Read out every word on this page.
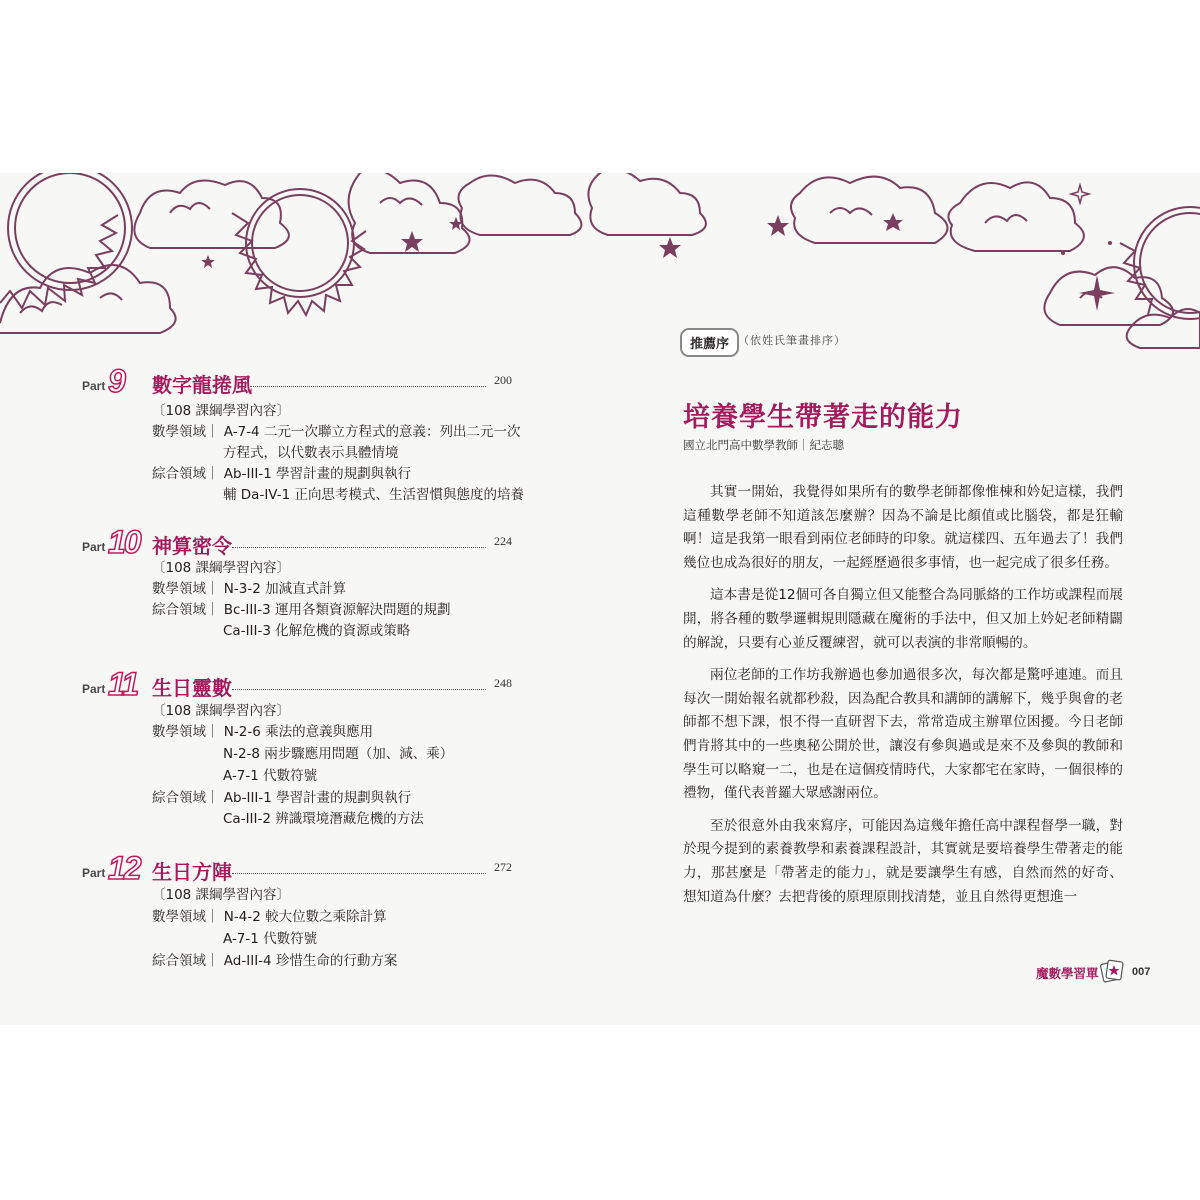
Part 9 數字龍捲風	200
〔108 課綱學習內容〕
數學領域｜ A-7-4 二元一次聯立方程式的意義：列出二元一次
方程式，以代數表示具體情境
綜合領域｜ Ab-III-1 學習計畫的規劃與執行
輔 Da-IV-1 正向思考模式、生活習慣與態度的培養
Part 10 神算密令	224
〔108 課綱學習內容〕
數學領域｜ N-3-2 加減直式計算
綜合領域｜ Bc-III-3 運用各類資源解決問題的規劃
Ca-III-3 化解危機的資源或策略
Part 11 生日靈數	248
〔108 課綱學習內容〕
數學領域｜ N-2-6 乘法的意義與應用
N-2-8 兩步驟應用問題（加、減、乘）
A-7-1 代數符號
綜合領域｜ Ab-III-1 學習計畫的規劃與執行
Ca-III-2 辨識環境潛藏危機的方法
Part 12 生日方陣	272
〔108 課綱學習內容〕
數學領域｜ N-4-2 較大位數之乘除計算
A-7-1 代數符號
綜合領域｜ Ad-III-4 珍惜生命的行動方案
推薦序 （依姓氏筆畫排序）
培養學生帶著走的能力
國立北門高中數學教師｜紀志聰

其實一開始，我覺得如果所有的數學老師都像惟棟和妗妃這樣，我們這種數學老師不知道該怎麼辦？因為不論是比顏值或比腦袋，都是狂輸啊！這是我第一眼看到兩位老師時的印象。就這樣四、五年過去了！我們幾位也成為很好的朋友，一起經歷過很多事情，也一起完成了很多任務。

這本書是從12個可各自獨立但又能整合為同脈絡的工作坊或課程而展開，將各種的數學邏輯規則隱藏在魔術的手法中，但又加上妗妃老師精闢的解說，只要有心並反覆練習，就可以表演的非常順暢的。

兩位老師的工作坊我辦過也參加過很多次，每次都是驚呼連連。而且每次一開始報名就都秒殺，因為配合教具和講師的講解下，幾乎與會的老師都不想下課，恨不得一直研習下去，常常造成主辦單位困擾。今日老師們肯將其中的一些奧秘公開於世，讓沒有參與過或是來不及參與的教師和學生可以略窺一二，也是在這個疫情時代，大家都宅在家時，一個很棒的禮物，僅代表普羅大眾感謝兩位。

至於很意外由我來寫序，可能因為這幾年擔任高中課程督學一職，對於現今提到的素養教學和素養課程設計，其實就是要培養學生帶著走的能力，那甚麼是「帶著走的能力」，就是要讓學生有感，自然而然的好奇、想知道為什麼？去把背後的原理原則找清楚，並且自然得更想進一

魔數學習單	007
